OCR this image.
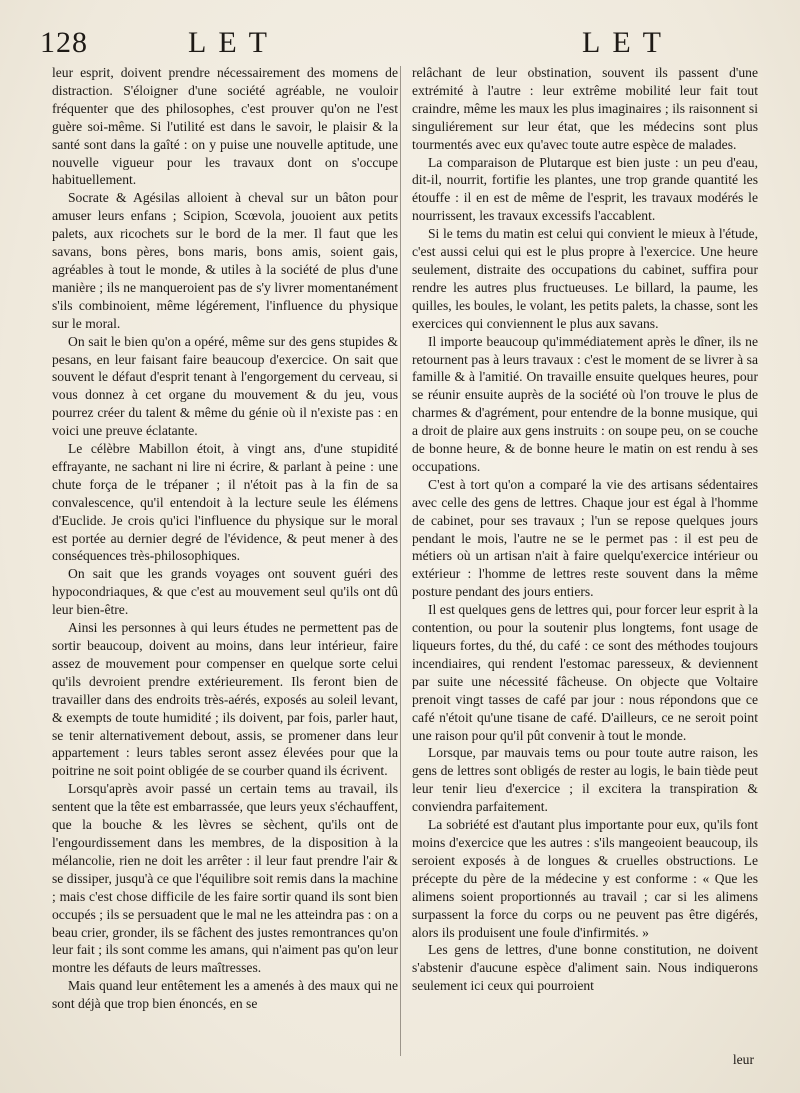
128	LET	LET

leur esprit, doivent prendre nécessairement des momens de distraction. S'éloigner d'une société agréable, ne vouloir fréquenter que des philosophes, c'est prouver qu'on ne l'est guère soi-même. Si l'utilité est dans le savoir, le plaisir & la santé sont dans la gaîté : on y puise une nouvelle aptitude, une nouvelle vigueur pour les travaux dont on s'occupe habituellement.

Socrate & Agésilas alloient à cheval sur un bâton pour amuser leurs enfans ; Scipion, Scœvola, jouoient aux petits palets, aux ricochets sur le bord de la mer. Il faut que les savans, bons pères, bons maris, bons amis, soient gais, agréables à tout le monde, & utiles à la société de plus d'une manière ; ils ne manqueroient pas de s'y livrer momentanément s'ils combinoient, même légérement, l'influence du physique sur le moral.

On sait le bien qu'on a opéré, même sur des gens stupides & pesans, en leur faisant faire beaucoup d'exercice. On sait que souvent le défaut d'esprit tenant à l'engorgement du cerveau, si vous donnez à cet organe du mouvement & du jeu, vous pourrez créer du talent & même du génie où il n'existe pas : en voici une preuve éclatante.

Le célèbre Mabillon étoit, à vingt ans, d'une stupidité effrayante, ne sachant ni lire ni écrire, & parlant à peine : une chute força de le trépaner ; il n'étoit pas à la fin de sa convalescence, qu'il entendoit à la lecture seule les élémens d'Euclide. Je crois qu'ici l'influence du physique sur le moral est portée au dernier degré de l'évidence, & peut mener à des conséquences très-philosophiques.

On sait que les grands voyages ont souvent guéri des hypocondriaques, & que c'est au mouvement seul qu'ils ont dû leur bien-être.

Ainsi les personnes à qui leurs études ne permettent pas de sortir beaucoup, doivent au moins, dans leur intérieur, faire assez de mouvement pour compenser en quelque sorte celui qu'ils devroient prendre extérieurement. Ils feront bien de travailler dans des endroits très-aérés, exposés au soleil levant, & exempts de toute humidité ; ils doivent, par fois, parler haut, se tenir alternativement debout, assis, se promener dans leur appartement : leurs tables seront assez élevées pour que la poitrine ne soit point obligée de se courber quand ils écrivent.

Lorsqu'après avoir passé un certain tems au travail, ils sentent que la tête est embarrassée, que leurs yeux s'échauffent, que la bouche & les lèvres se sèchent, qu'ils ont de l'engourdissement dans les membres, de la disposition à la mélancolie, rien ne doit les arrêter : il leur faut prendre l'air & se dissiper, jusqu'à ce que l'équilibre soit remis dans la machine ; mais c'est chose difficile de les faire sortir quand ils sont bien occupés ; ils se persuadent que le mal ne les atteindra pas : on a beau crier, gronder, ils se fâchent des justes remontrances qu'on leur fait ; ils sont comme les amans, qui n'aiment pas qu'on leur montre les défauts de leurs maîtresses.

Mais quand leur entêtement les a amenés à des maux qui ne sont déjà que trop bien énoncés, en se

relâchant de leur obstination, souvent ils passent d'une extrémité à l'autre : leur extrême mobilité leur fait tout craindre, même les maux les plus imaginaires ; ils raisonnent si singuliérement sur leur état, que les médecins sont plus tourmentés avec eux qu'avec toute autre espèce de malades.

La comparaison de Plutarque est bien juste : un peu d'eau, dit-il, nourrit, fortifie les plantes, une trop grande quantité les étouffe : il en est de même de l'esprit, les travaux modérés le nourrissent, les travaux excessifs l'accablent.

Si le tems du matin est celui qui convient le mieux à l'étude, c'est aussi celui qui est le plus propre à l'exercice. Une heure seulement, distraite des occupations du cabinet, suffira pour rendre les autres plus fructueuses. Le billard, la paume, les quilles, les boules, le volant, les petits palets, la chasse, sont les exercices qui conviennent le plus aux savans.

Il importe beaucoup qu'immédiatement après le dîner, ils ne retournent pas à leurs travaux : c'est le moment de se livrer à sa famille & à l'amitié. On travaille ensuite quelques heures, pour se réunir ensuite auprès de la société où l'on trouve le plus de charmes & d'agrément, pour entendre de la bonne musique, qui a droit de plaire aux gens instruits : on soupe peu, on se couche de bonne heure, & de bonne heure le matin on est rendu à ses occupations.

C'est à tort qu'on a comparé la vie des artisans sédentaires avec celle des gens de lettres. Chaque jour est égal à l'homme de cabinet, pour ses travaux ; l'un se repose quelques jours pendant le mois, l'autre ne se le permet pas : il est peu de métiers où un artisan n'ait à faire quelqu'exercice intérieur ou extérieur : l'homme de lettres reste souvent dans la même posture pendant des jours entiers.

Il est quelques gens de lettres qui, pour forcer leur esprit à la contention, ou pour la soutenir plus longtems, font usage de liqueurs fortes, du thé, du café : ce sont des méthodes toujours incendiaires, qui rendent l'estomac paresseux, & deviennent par suite une nécessité fâcheuse. On objecte que Voltaire prenoit vingt tasses de café par jour : nous répondons que ce café n'étoit qu'une tisane de café. D'ailleurs, ce ne seroit point une raison pour qu'il pût convenir à tout le monde.

Lorsque, par mauvais tems ou pour toute autre raison, les gens de lettres sont obligés de rester au logis, le bain tiède peut leur tenir lieu d'exercice ; il excitera la transpiration & conviendra parfaitement.

La sobriété est d'autant plus importante pour eux, qu'ils font moins d'exercice que les autres : s'ils mangeoient beaucoup, ils seroient exposés à de longues & cruelles obstructions. Le précepte du père de la médecine y est conforme : « Que les alimens soient proportionnés au travail ; car si les alimens surpassent la force du corps ou ne peuvent pas être digérés, alors ils produisent une foule d'infirmités. »

Les gens de lettres, d'une bonne constitution, ne doivent s'abstenir d'aucune espèce d'aliment sain. Nous indiquerons seulement ici ceux qui pourroient

leur
